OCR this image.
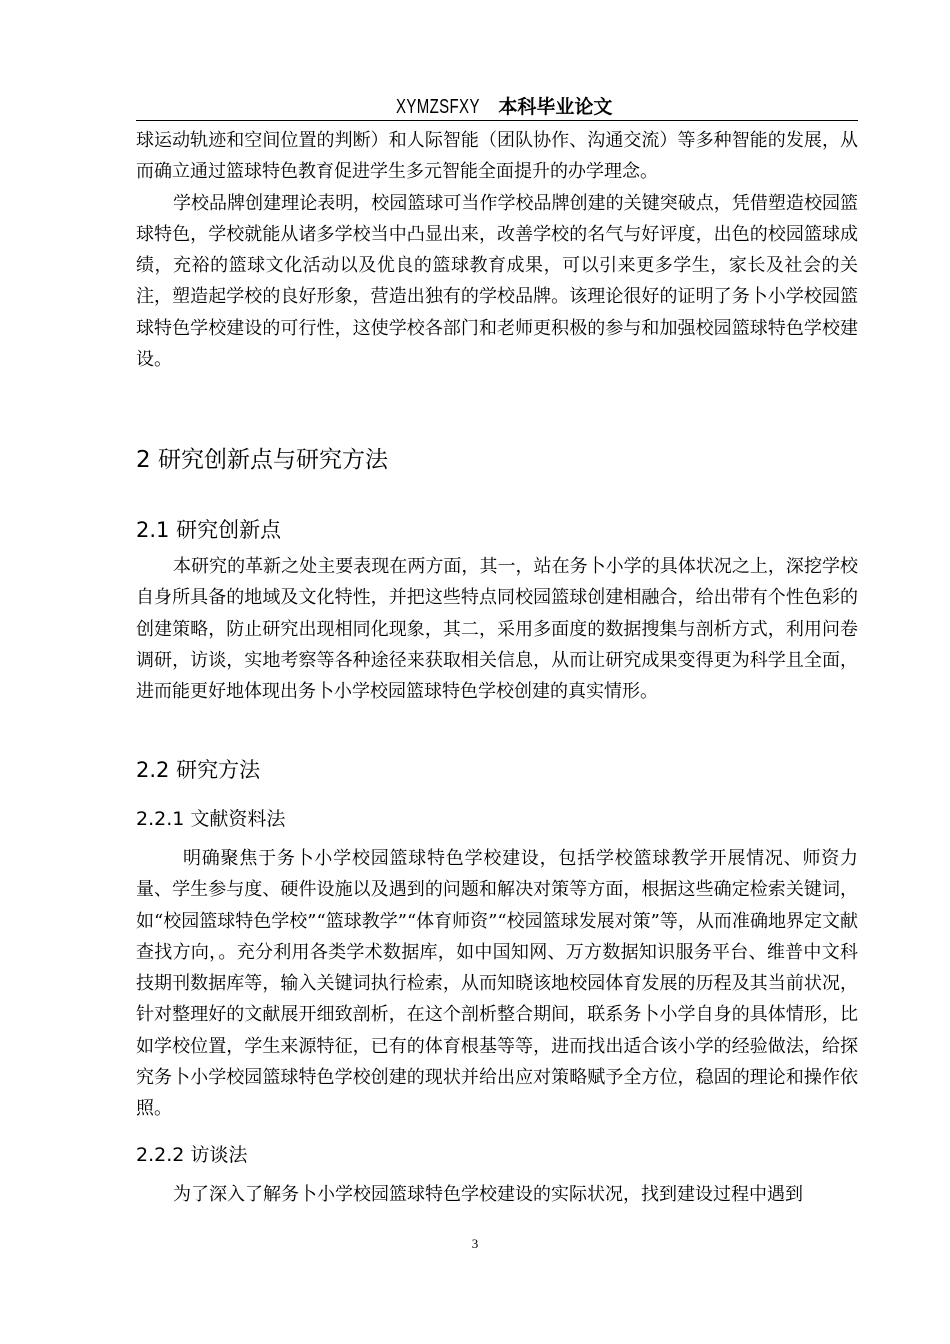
XYMZSFXY 本科毕业论文

球运动轨迹和空间位置的判断）和人际智能（团队协作、沟通交流）等多种智能的发展，从而确立通过篮球特色教育促进学生多元智能全面提升的办学理念。

学校品牌创建理论表明，校园篮球可当作学校品牌创建的关键突破点，凭借塑造校园篮球特色，学校就能从诸多学校当中凸显出来，改善学校的名气与好评度，出色的校园篮球成绩，充裕的篮球文化活动以及优良的篮球教育成果，可以引来更多学生，家长及社会的关注，塑造起学校的良好形象，营造出独有的学校品牌。该理论很好的证明了务卜小学校园篮球特色学校建设的可行性，这使学校各部门和老师更积极的参与和加强校园篮球特色学校建设。

2 研究创新点与研究方法
2.1 研究创新点

本研究的革新之处主要表现在两方面，其一，站在务卜小学的具体状况之上，深挖学校自身所具备的地域及文化特性，并把这些特点同校园篮球创建相融合，给出带有个性色彩的创建策略，防止研究出现相同化现象，其二，采用多面度的数据搜集与剖析方式，利用问卷调研，访谈，实地考察等各种途径来获取相关信息，从而让研究成果变得更为科学且全面，进而能更好地体现出务卜小学校园篮球特色学校创建的真实情形。

2.2 研究方法
2.2.1 文献资料法

明确聚焦于务卜小学校园篮球特色学校建设，包括学校篮球教学开展情况、师资力量、学生参与度、硬件设施以及遇到的问题和解决对策等方面，根据这些确定检索关键词，如“校园篮球特色学校”“篮球教学”“体育师资”“校园篮球发展对策”等，从而准确地界定文献查找方向，。充分利用各类学术数据库，如中国知网、万方数据知识服务平台、维普中文科技期刊数据库等，输入关键词执行检索，从而知晓该地校园体育发展的历程及其当前状况，针对整理好的文献展开细致剖析，在这个剖析整合期间，联系务卜小学自身的具体情形，比如学校位置，学生来源特征，已有的体育根基等等，进而找出适合该小学的经验做法，给探究务卜小学校园篮球特色学校创建的现状并给出应对策略赋予全方位，稳固的理论和操作依照。

2.2.2 访谈法

为了深入了解务卜小学校园篮球特色学校建设的实际状况，找到建设过程中遇到

3
